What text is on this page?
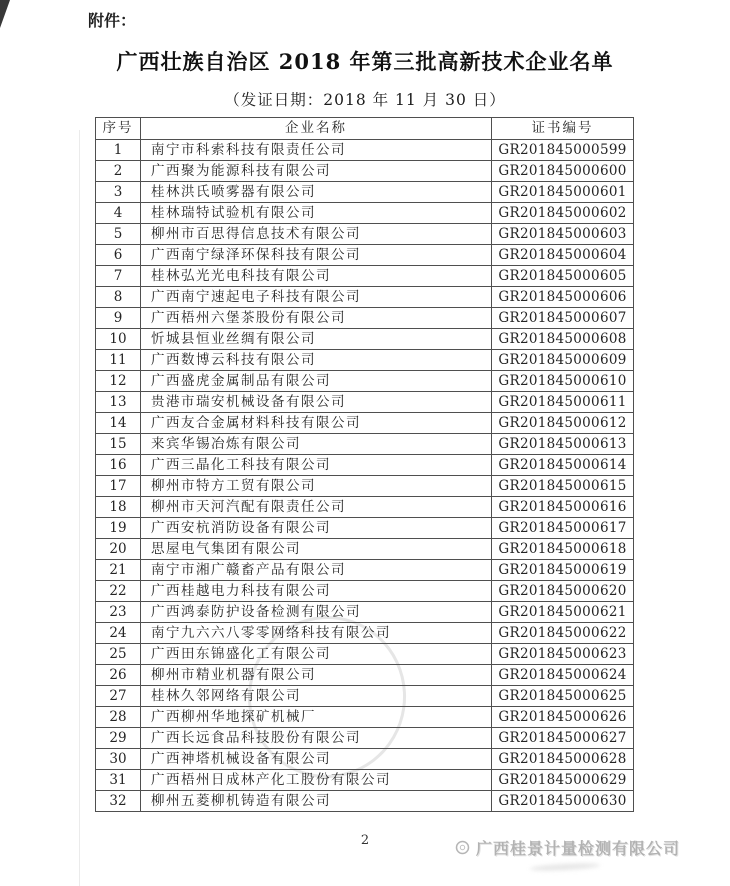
附件：
广西壮族自治区 2018 年第三批高新技术企业名单
（发证日期：2018 年 11 月 30 日）
序号	企业名称	证书编号
1	南宁市科索科技有限责任公司	GR201845000599
2	广西聚为能源科技有限公司	GR201845000600
3	桂林洪氏喷雾器有限公司	GR201845000601
4	桂林瑞特试验机有限公司	GR201845000602
5	柳州市百思得信息技术有限公司	GR201845000603
6	广西南宁绿泽环保科技有限公司	GR201845000604
7	桂林弘光光电科技有限公司	GR201845000605
8	广西南宁速起电子科技有限公司	GR201845000606
9	广西梧州六堡茶股份有限公司	GR201845000607
10	忻城县恒业丝绸有限公司	GR201845000608
11	广西数博云科技有限公司	GR201845000609
12	广西盛虎金属制品有限公司	GR201845000610
13	贵港市瑞安机械设备有限公司	GR201845000611
14	广西友合金属材料科技有限公司	GR201845000612
15	来宾华锡冶炼有限公司	GR201845000613
16	广西三晶化工科技有限公司	GR201845000614
17	柳州市特方工贸有限公司	GR201845000615
18	柳州市天河汽配有限责任公司	GR201845000616
19	广西安杭消防设备有限公司	GR201845000617
20	思屋电气集团有限公司	GR201845000618
21	南宁市湘广赣畜产品有限公司	GR201845000619
22	广西桂越电力科技有限公司	GR201845000620
23	广西鸿泰防护设备检测有限公司	GR201845000621
24	南宁九六六八零零网络科技有限公司	GR201845000622
25	广西田东锦盛化工有限公司	GR201845000623
26	柳州市精业机器有限公司	GR201845000624
27	桂林久邻网络有限公司	GR201845000625
28	广西柳州华地探矿机械厂	GR201845000626
29	广西长远食品科技股份有限公司	GR201845000627
30	广西神塔机械设备有限公司	GR201845000628
31	广西梧州日成林产化工股份有限公司	GR201845000629
32	柳州五菱柳机铸造有限公司	GR201845000630
2	广西桂景计量检测有限公司
